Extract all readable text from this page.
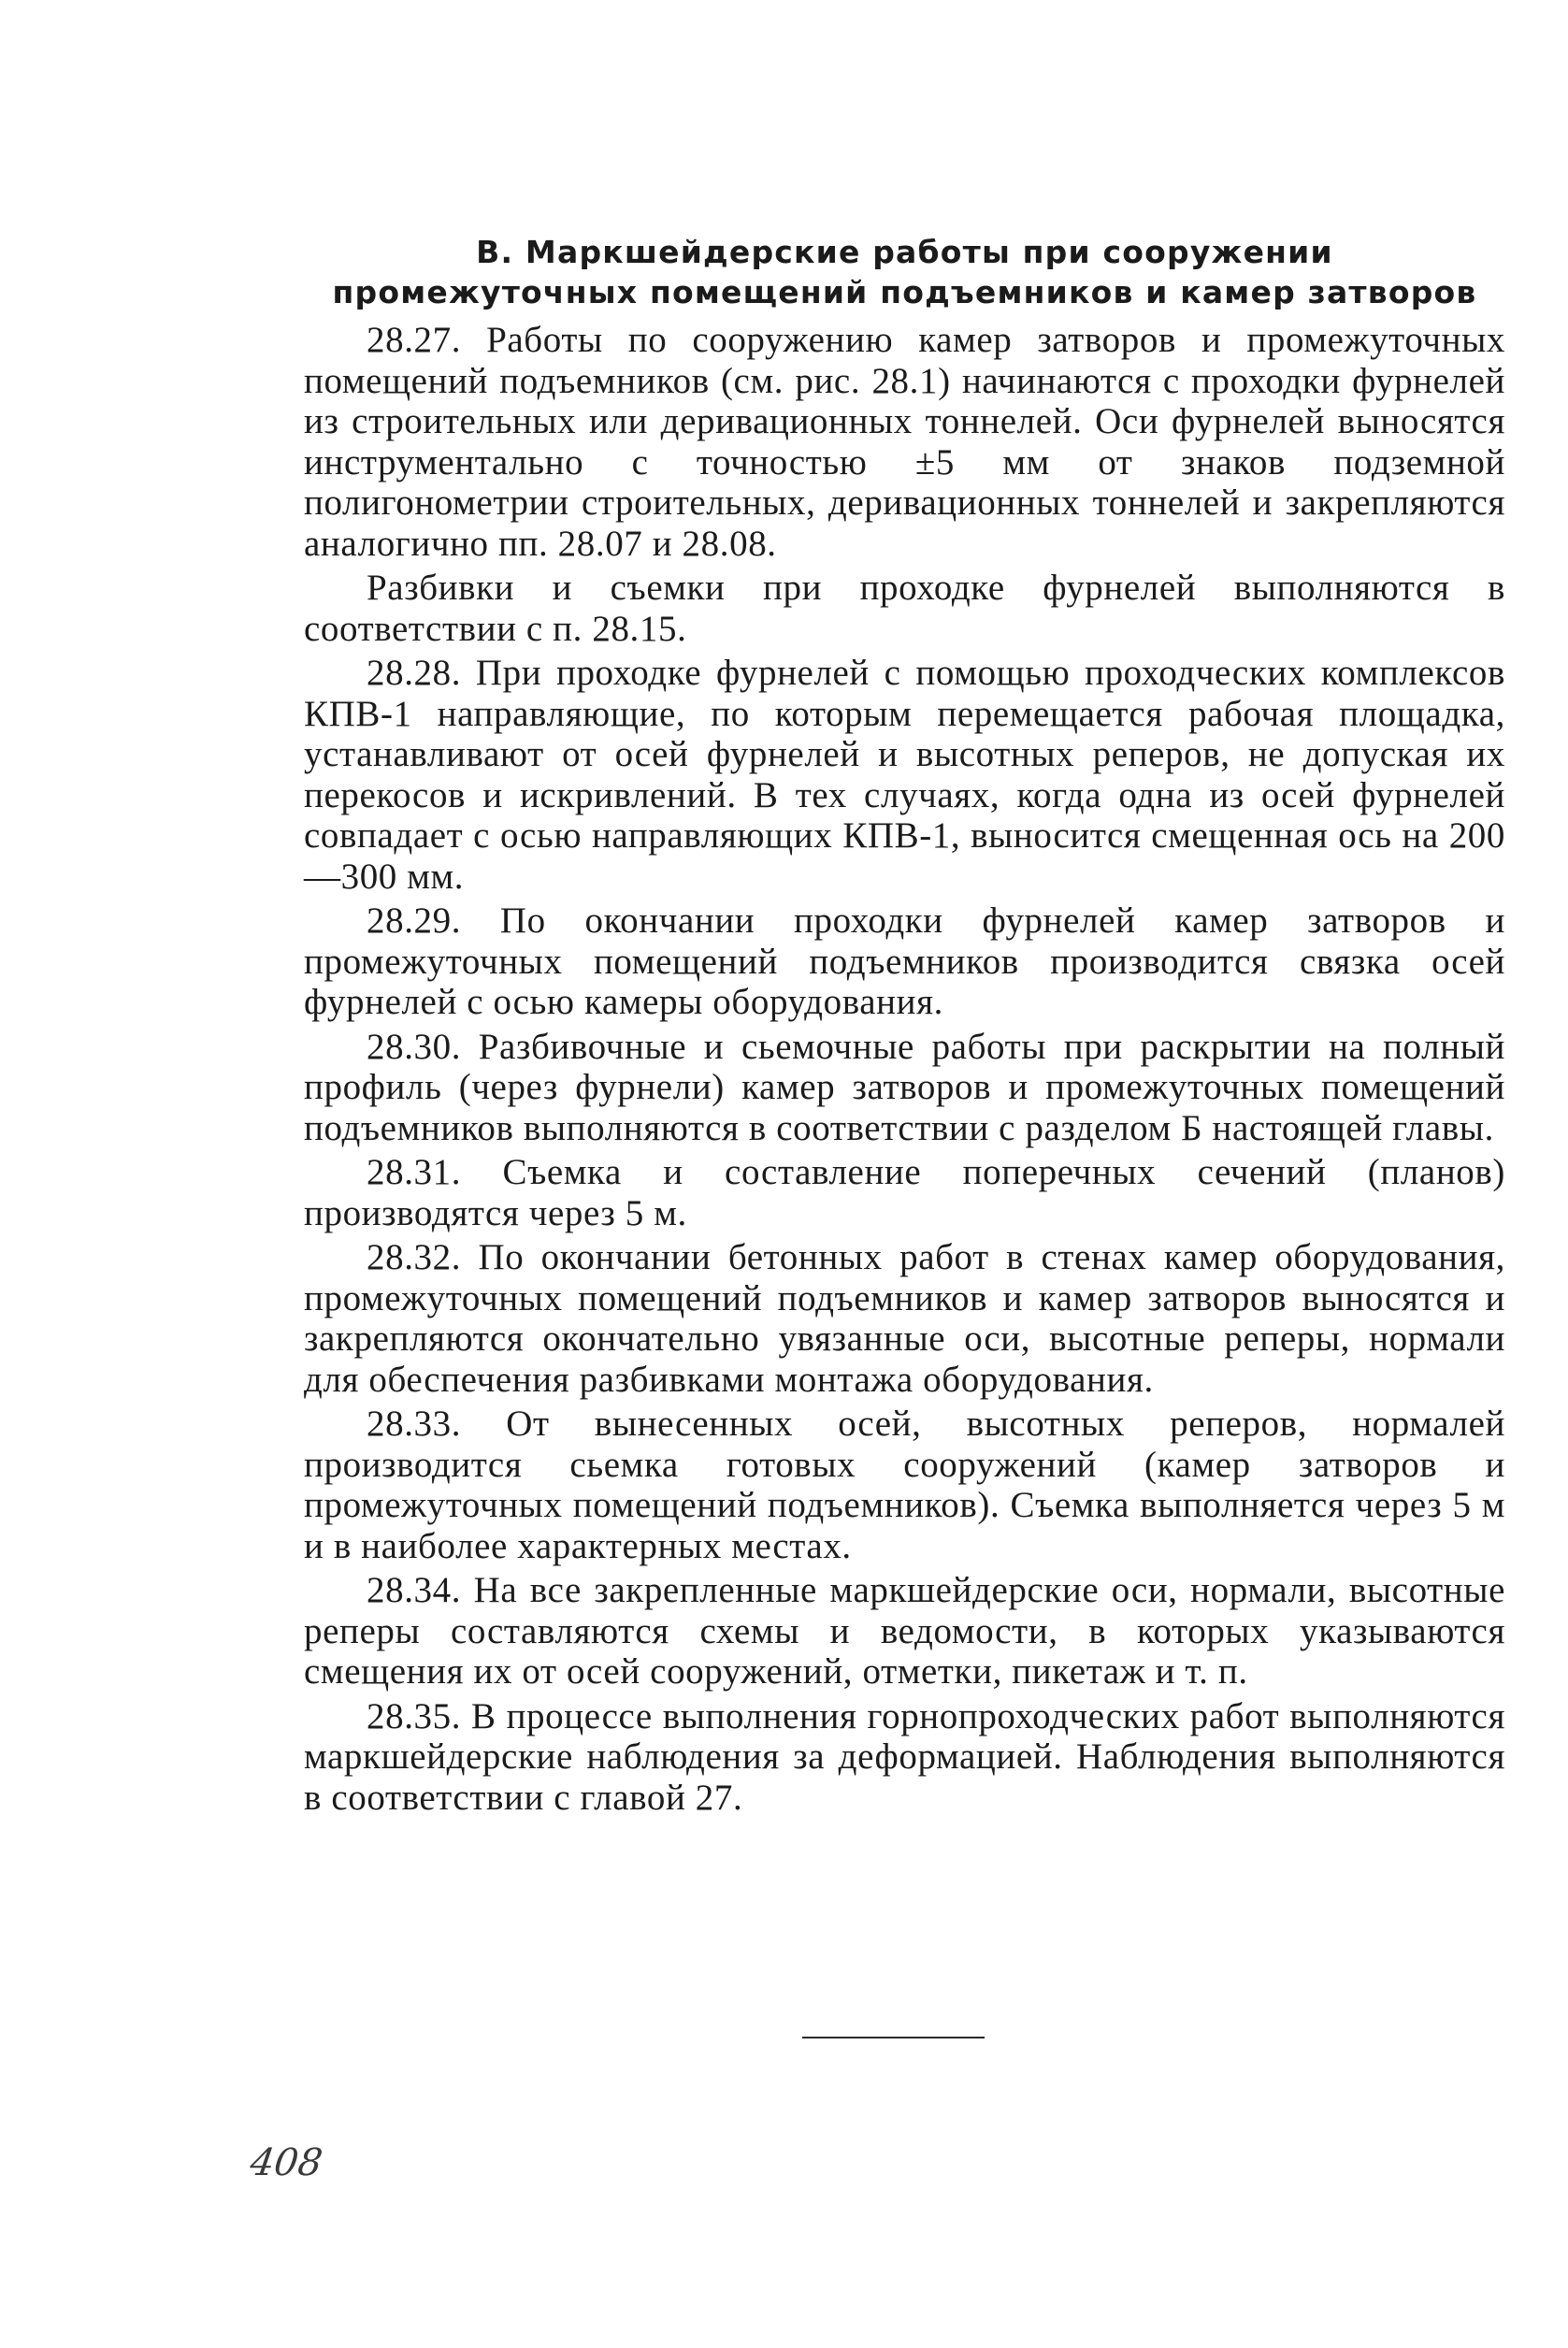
В. Маркшейдерские работы при сооружении
промежуточных помещений подъемников и камер затворов

28.27. Работы по сооружению камер затворов и промежуточных помещений подъемников (см. рис. 28.1) начинаются с проходки фурнелей из строительных или деривационных тоннелей. Оси фурнелей выносятся инструментально с точностью ±5 мм от знаков подземной полигонометрии строительных, деривационных тоннелей и закрепляются аналогично пп. 28.07 и 28.08.

Разбивки и съемки при проходке фурнелей выполняются в соответствии с п. 28.15.

28.28. При проходке фурнелей с помощью проходческих комплексов КПВ-1 направляющие, по которым перемещается рабочая площадка, устанавливают от осей фурнелей и высотных реперов, не допуская их перекосов и искривлений. В тех случаях, когда одна из осей фурнелей совпадает с осью направляющих КПВ-1, выносится смещенная ось на 200—300 мм.

28.29. По окончании проходки фурнелей камер затворов и промежуточных помещений подъемников производится связка осей фурнелей с осью камеры оборудования.

28.30. Разбивочные и сьемочные работы при раскрытии на полный профиль (через фурнели) камер затворов и промежуточных помещений подъемников выполняются в соответствии с разделом Б настоящей главы.

28.31. Съемка и составление поперечных сечений (планов) производятся через 5 м.

28.32. По окончании бетонных работ в стенах камер оборудования, промежуточных помещений подъемников и камер затворов выносятся и закрепляются окончательно увязанные оси, высотные реперы, нормали для обеспечения разбивками монтажа оборудования.

28.33. От вынесенных осей, высотных реперов, нормалей производится сьемка готовых сооружений (камер затворов и промежуточных помещений подъемников). Съемка выполняется через 5 м и в наиболее характерных местах.

28.34. На все закрепленные маркшейдерские оси, нормали, высотные реперы составляются схемы и ведомости, в которых указываются смещения их от осей сооружений, отметки, пикетаж и т. п.

28.35. В процессе выполнения горнопроходческих работ выполняются маркшейдерские наблюдения за деформацией. Наблюдения выполняются в соответствии с главой 27.

408
